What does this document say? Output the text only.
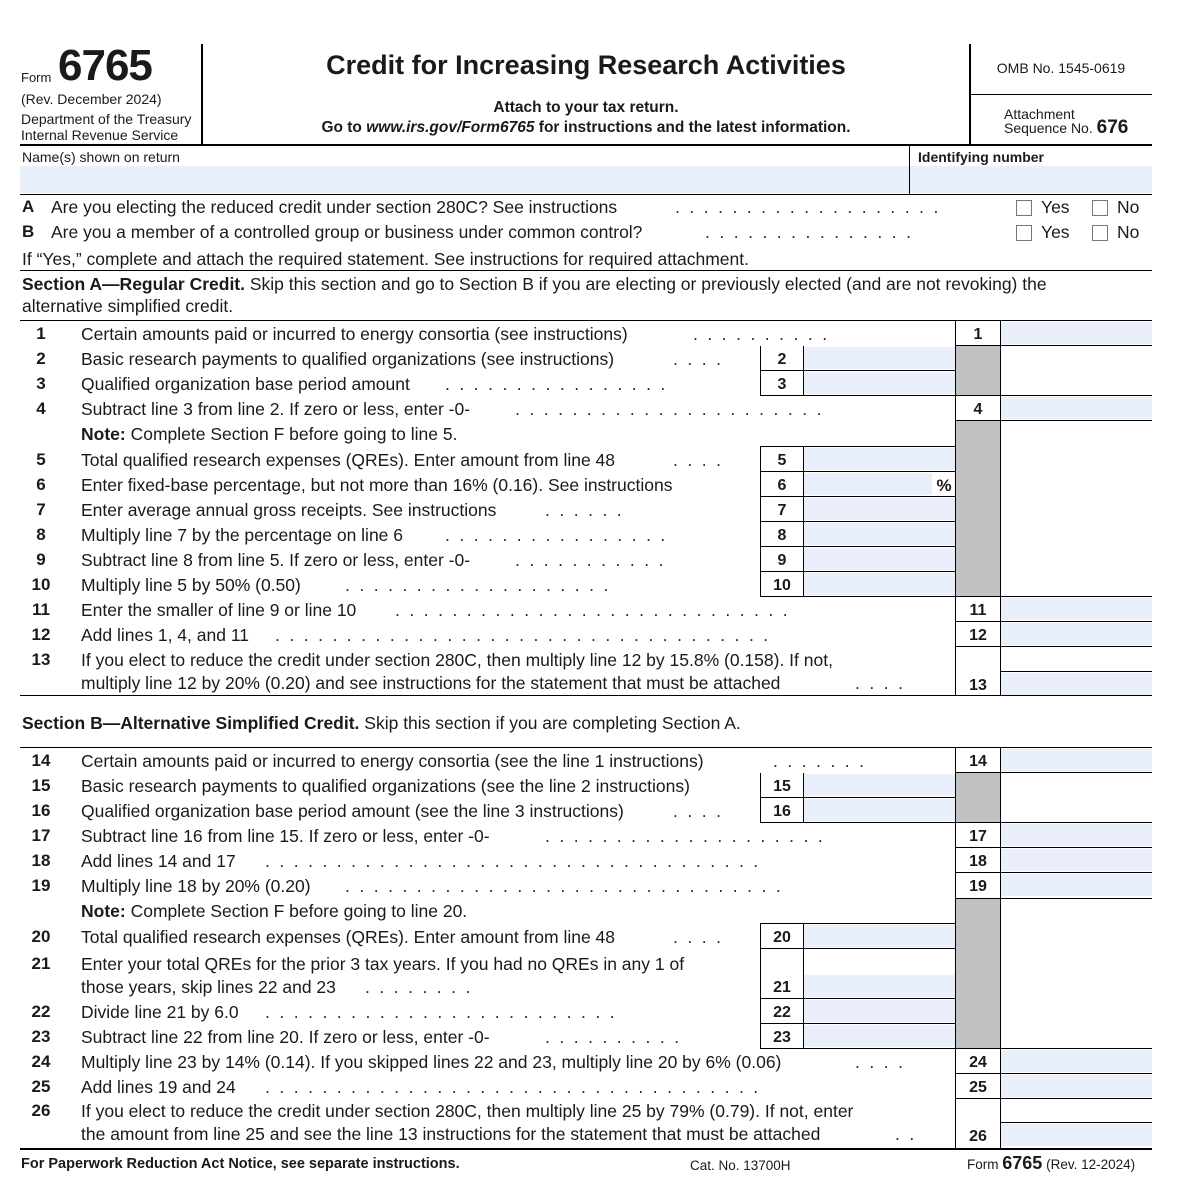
Form 6765
(Rev. December 2024)
Department of the Treasury
Internal Revenue Service
Credit for Increasing Research Activities
Attach to your tax return.
Go to www.irs.gov/Form6765 for instructions and the latest information.
OMB No. 1545-0619
Attachment
Sequence No. 676
Name(s) shown on return	Identifying number
A Are you electing the reduced credit under section 280C? See instructions	...................	Yes	No
B Are you a member of a controlled group or business under common control?	...............	Yes	No
If “Yes,” complete and attach the required statement. See instructions for required attachment.
Section A—Regular Credit. Skip this section and go to Section B if you are electing or previously elected (and are not revoking) the
alternative simplified credit.
1
2
3
4
5
6	%
7
8
9
10
11
12
13
1	Certain amounts paid or incurred to energy consortia (see instructions)	..........
2	Basic research payments to qualified organizations (see instructions)	....
3	Qualified organization base period amount ................
4	Subtract line 3 from line 2. If zero or less, enter -0-	......................
Note: Complete Section F before going to line 5.
5	Total qualified research expenses (QREs). Enter amount from line 48	....
6	Enter fixed-base percentage, but not more than 16% (0.16). See instructions
7	Enter average annual gross receipts. See instructions	......
8	Multiply line 7 by the percentage on line 6 ................
9	Subtract line 8 from line 5. If zero or less, enter -0-	...........
10 Multiply line 5 by 50% (0.50)	...................
11 Enter the smaller of line 9 or line 10 ............................
12 Add lines 1, 4, and 11 ...................................
13 If you elect to reduce the credit under section 280C, then multiply line 12 by 15.8% (0.158). If not,
multiply line 12 by 20% (0.20) and see instructions for the statement that must be attached	....
Section B—Alternative Simplified Credit. Skip this section if you are completing Section A.
14
15
16
17
18
19
20
21
22
23
24
25
26
14 Certain amounts paid or incurred to energy consortia (see the line 1 instructions)	.......
15 Basic research payments to qualified organizations (see the line 2 instructions)
16 Qualified organization base period amount (see the line 3 instructions)	....
17 Subtract line 16 from line 15. If zero or less, enter -0-	....................
18 Add lines 14 and 17 ...................................
19 Multiply line 18 by 20% (0.20) ...............................
Note: Complete Section F before going to line 20.
20 Total qualified research expenses (QREs). Enter amount from line 48	....
21 Enter your total QREs for the prior 3 tax years. If you had no QREs in any 1 of
those years, skip lines 22 and 23 ........
22 Divide line 21 by 6.0 .........................
23 Subtract line 22 from line 20. If zero or less, enter -0-	..........
24 Multiply line 23 by 14% (0.14). If you skipped lines 22 and 23, multiply line 20 by 6% (0.06)	....
25 Add lines 19 and 24 ...................................
26 If you elect to reduce the credit under section 280C, then multiply line 25 by 79% (0.79). If not, enter
the amount from line 25 and see the line 13 instructions for the statement that must be attached	..
For Paperwork Reduction Act Notice, see separate instructions.	Cat. No. 13700H	Form 6765 (Rev. 12-2024)
